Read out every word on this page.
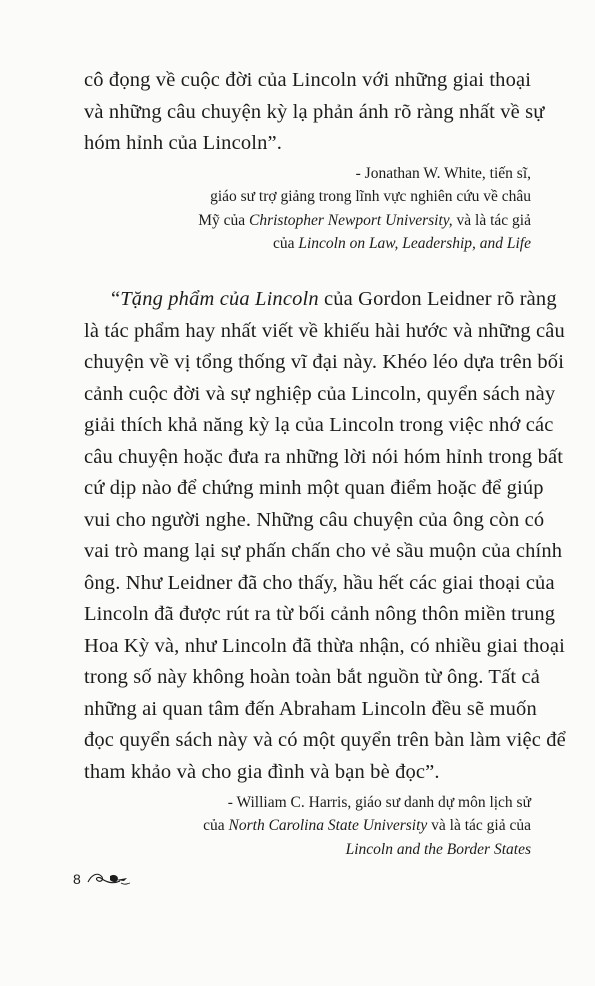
cô đọng về cuộc đời của Lincoln với những giai thoại
và những câu chuyện kỳ lạ phản ánh rõ ràng nhất về sự
hóm hỉnh của Lincoln”.
- Jonathan W. White, tiến sĩ,
giáo sư trợ giảng trong lĩnh vực nghiên cứu về châu
Mỹ của Christopher Newport University, và là tác giả
của Lincoln on Law, Leadership, and Life
“Tặng phẩm của Lincoln của Gordon Leidner rõ ràng
là tác phẩm hay nhất viết về khiếu hài hước và những câu
chuyện về vị tổng thống vĩ đại này. Khéo léo dựa trên bối
cảnh cuộc đời và sự nghiệp của Lincoln, quyển sách này
giải thích khả năng kỳ lạ của Lincoln trong việc nhớ các
câu chuyện hoặc đưa ra những lời nói hóm hỉnh trong bất
cứ dịp nào để chứng minh một quan điểm hoặc để giúp
vui cho người nghe. Những câu chuyện của ông còn có
vai trò mang lại sự phấn chấn cho vẻ sầu muộn của chính
ông. Như Leidner đã cho thấy, hầu hết các giai thoại của
Lincoln đã được rút ra từ bối cảnh nông thôn miền trung
Hoa Kỳ và, như Lincoln đã thừa nhận, có nhiều giai thoại
trong số này không hoàn toàn bắt nguồn từ ông. Tất cả
những ai quan tâm đến Abraham Lincoln đều sẽ muốn
đọc quyển sách này và có một quyển trên bàn làm việc để
tham khảo và cho gia đình và bạn bè đọc”.
- William C. Harris, giáo sư danh dự môn lịch sử
của North Carolina State University và là tác giả của
Lincoln and the Border States
8
